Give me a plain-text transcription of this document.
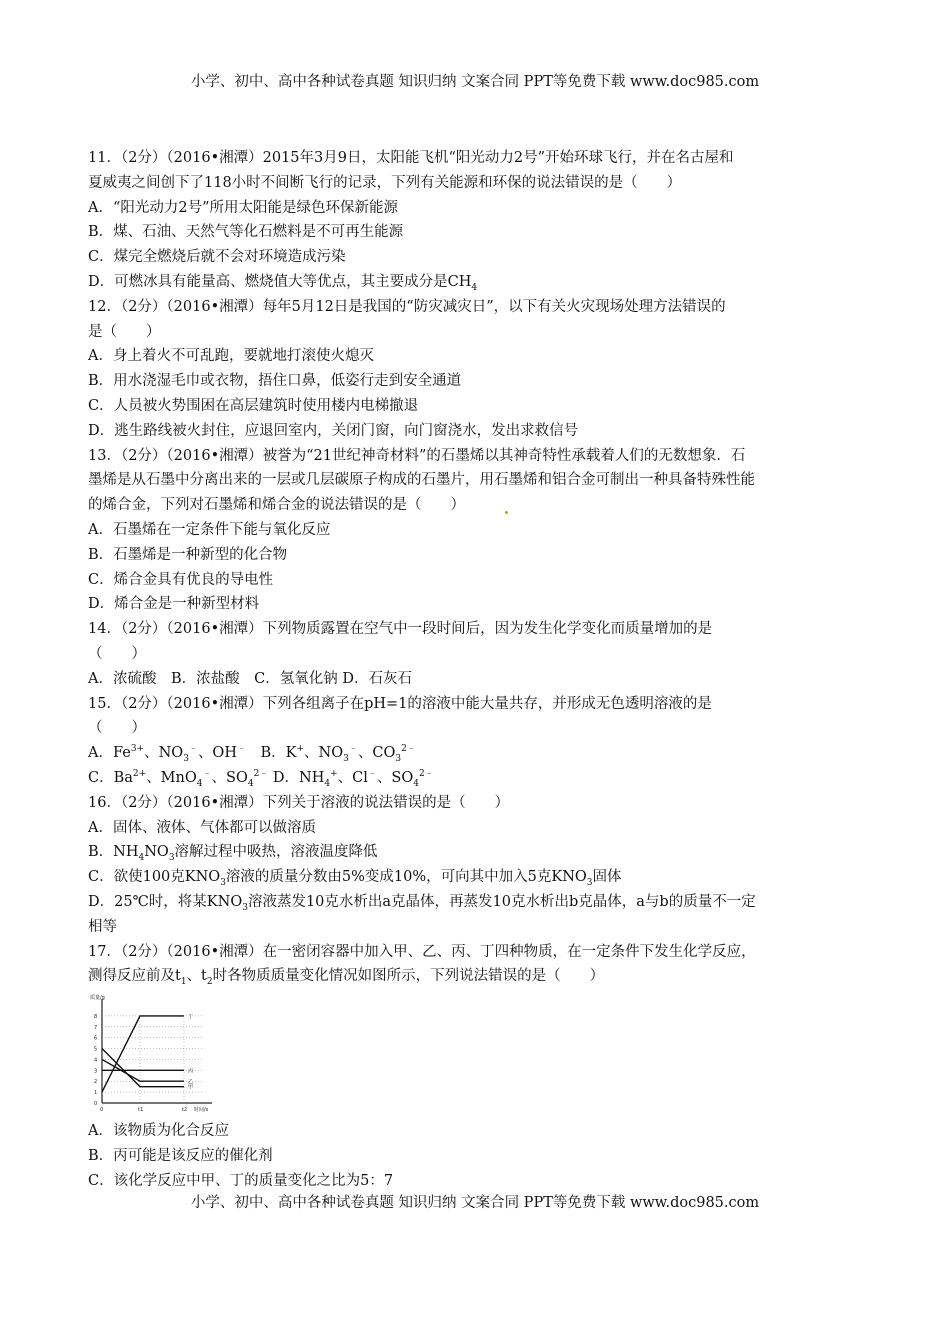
小学、初中、高中各种试卷真题 知识归纳 文案合同 PPT等免费下载 www.doc985.com
11．（2分）（2016•湘潭）2015年3月9日，太阳能飞机“阳光动力2号”开始环球飞行，并在名古屋和
夏威夷之间创下了118小时不间断飞行的记录，下列有关能源和环保的说法错误的是（　　）
A．“阳光动力2号”所用太阳能是绿色环保新能源
B．煤、石油、天然气等化石燃料是不可再生能源
C．煤完全燃烧后就不会对环境造成污染
D．可燃冰具有能量高、燃烧值大等优点，其主要成分是$CH_4$
12．（2分）（2016•湘潭）每年5月12日是我国的“防灾减灾日”，以下有关火灾现场处理方法错误的
是（　　）
A．身上着火不可乱跑，要就地打滚使火熄灭
B．用水浇湿毛巾或衣物，捂住口鼻，低姿行走到安全通道
C．人员被火势围困在高层建筑时使用楼内电梯撤退
D．逃生路线被火封住，应退回室内，关闭门窗，向门窗浇水，发出求救信号
13．（2分）（2016•湘潭）被誉为“21世纪神奇材料”的石墨烯以其神奇特性承载着人们的无数想象．石
墨烯是从石墨中分离出来的一层或几层碳原子构成的石墨片，用石墨烯和铝合金可制出一种具备特殊性能
的烯合金，下列对石墨烯和烯合金的说法错误的是（　　）
A．石墨烯在一定条件下能与氧化反应
B．石墨烯是一种新型的化合物
C．烯合金具有优良的导电性
D．烯合金是一种新型材料
14．（2分）（2016•湘潭）下列物质露置在空气中一段时间后，因为发生化学变化而质量增加的是
（　　）
A．浓硫酸　B．浓盐酸　C．氢氧化钠 D．石灰石
15．（2分）（2016•湘潭）下列各组离子在pH=1的溶液中能大量共存，并形成无色透明溶液的是
（　　）
A．$Fe^{3+}$、$NO_3^﹣$、OH﹣　B．K+、$NO_3^﹣$、$CO_3^{2﹣}$
C．$Ba^{2+}$、MnO$_4$﹣、$SO_4^{2﹣}$ D．$NH_4^+$、Cl﹣、$SO_4^{2﹣}$
16．（2分）（2016•湘潭）下列关于溶液的说法错误的是（　　）
A．固体、液体、气体都可以做溶质
B．$NH_4NO_3$溶解过程中吸热，溶液温度降低
C．欲使100克$KNO_3$溶液的质量分数由5%变成10%，可向其中加入5克$KNO_3$固体
D．25℃时，将某$KNO_3$溶液蒸发10克水析出a克晶体，再蒸发10克水析出b克晶体，a与b的质量不一定
相等
17．（2分）（2016•湘潭）在一密闭容器中加入甲、乙、丙、丁四种物质，在一定条件下发生化学反应，
测得反应前及$t_1$、$t_2$时各物质质量变化情况如图所示，下列说法错误的是（　　）
质量/g
时间/s
0
1
2
3
4
5
6
7
8
0	t1	t2
丁
丙
乙
甲
A．该物质为化合反应
B．丙可能是该反应的催化剂
C．该化学反应中甲、丁的质量变化之比为5：7
小学、初中、高中各种试卷真题 知识归纳 文案合同 PPT等免费下载 www.doc985.com
